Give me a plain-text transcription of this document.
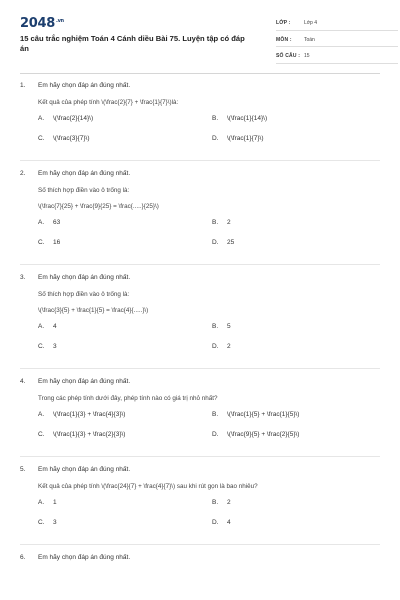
$2048^{.vn}$
15 câu trắc nghiệm Toán 4 Cánh diều Bài 75. Luyện tập có đáp án
LỚP :	Lớp 4
MÔN : Toán
SỐ CÂU : 15
1. Em hãy chọn đáp án đúng nhất.
Kết quả của phép tính \(\frac{2}{7} + \frac{1}{7}\)là:
A. \(\frac{2}{14}\)	B. \(\frac{1}{14}\)
C. \(\frac{3}{7}\)	D. \(\frac{1}{7}\)
2. Em hãy chọn đáp án đúng nhất.
Số thích hợp điền vào ô trống là:
\(\frac{7}{25} + \frac{9}{25} = \frac{.....}{25}\)
A. 63	B. 2
C. 16	D. 25
3. Em hãy chọn đáp án đúng nhất.
Số thích hợp điền vào ô trống là:
\(\frac{3}{5} + \frac{1}{5} = \frac{4}{.....}\)
A. 4	B. 5
C. 3	D. 2
4. Em hãy chọn đáp án đúng nhất.
Trong các phép tính dưới đây, phép tính nào có giá trị nhỏ nhất?
A. \(\frac{1}{3} + \frac{4}{3}\)	B. \(\frac{1}{5} + \frac{1}{5}\)
C. \(\frac{1}{3} + \frac{2}{3}\)	D. \(\frac{9}{5} + \frac{2}{5}\)
5. Em hãy chọn đáp án đúng nhất.
Kết quả của phép tính \(\frac{24}{7} + \frac{4}{7}\) sau khi rút gọn là bao nhiêu?
A. 1	B. 2
C. 3	D. 4
6. Em hãy chọn đáp án đúng nhất.
